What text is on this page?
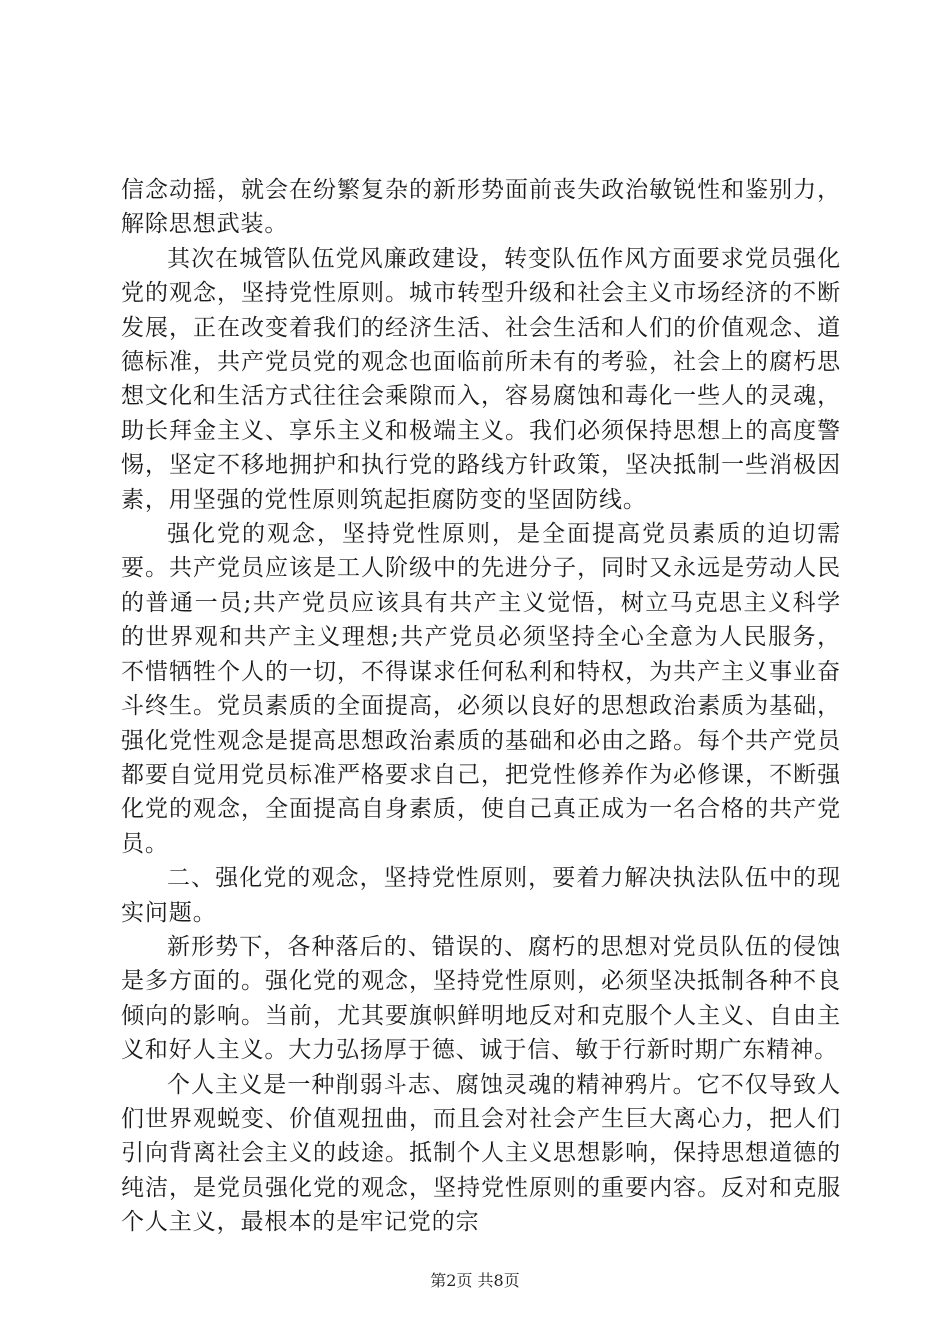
信念动摇，就会在纷繁复杂的新形势面前丧失政治敏锐性和鉴别力，解除思想武装。

其次在城管队伍党风廉政建设，转变队伍作风方面要求党员强化党的观念，坚持党性原则。城市转型升级和社会主义市场经济的不断发展，正在改变着我们的经济生活、社会生活和人们的价值观念、道德标准，共产党员党的观念也面临前所未有的考验，社会上的腐朽思想文化和生活方式往往会乘隙而入，容易腐蚀和毒化一些人的灵魂，助长拜金主义、享乐主义和极端主义。我们必须保持思想上的高度警惕，坚定不移地拥护和执行党的路线方针政策，坚决抵制一些消极因素，用坚强的党性原则筑起拒腐防变的坚固防线。

强化党的观念，坚持党性原则，是全面提高党员素质的迫切需要。共产党员应该是工人阶级中的先进分子，同时又永远是劳动人民的普通一员;共产党员应该具有共产主义觉悟，树立马克思主义科学的世界观和共产主义理想;共产党员必须坚持全心全意为人民服务，不惜牺牲个人的一切，不得谋求任何私利和特权，为共产主义事业奋斗终生。党员素质的全面提高，必须以良好的思想政治素质为基础，强化党性观念是提高思想政治素质的基础和必由之路。每个共产党员都要自觉用党员标准严格要求自己，把党性修养作为必修课，不断强化党的观念，全面提高自身素质，使自己真正成为一名合格的共产党员。

二、强化党的观念，坚持党性原则，要着力解决执法队伍中的现实问题。

新形势下，各种落后的、错误的、腐朽的思想对党员队伍的侵蚀是多方面的。强化党的观念，坚持党性原则，必须坚决抵制各种不良倾向的影响。当前，尤其要旗帜鲜明地反对和克服个人主义、自由主义和好人主义。大力弘扬厚于德、诚于信、敏于行新时期广东精神。

个人主义是一种削弱斗志、腐蚀灵魂的精神鸦片。它不仅导致人们世界观蜕变、价值观扭曲，而且会对社会产生巨大离心力，把人们引向背离社会主义的歧途。抵制个人主义思想影响，保持思想道德的纯洁，是党员强化党的观念，坚持党性原则的重要内容。反对和克服个人主义，最根本的是牢记党的宗

第2页 共8页
